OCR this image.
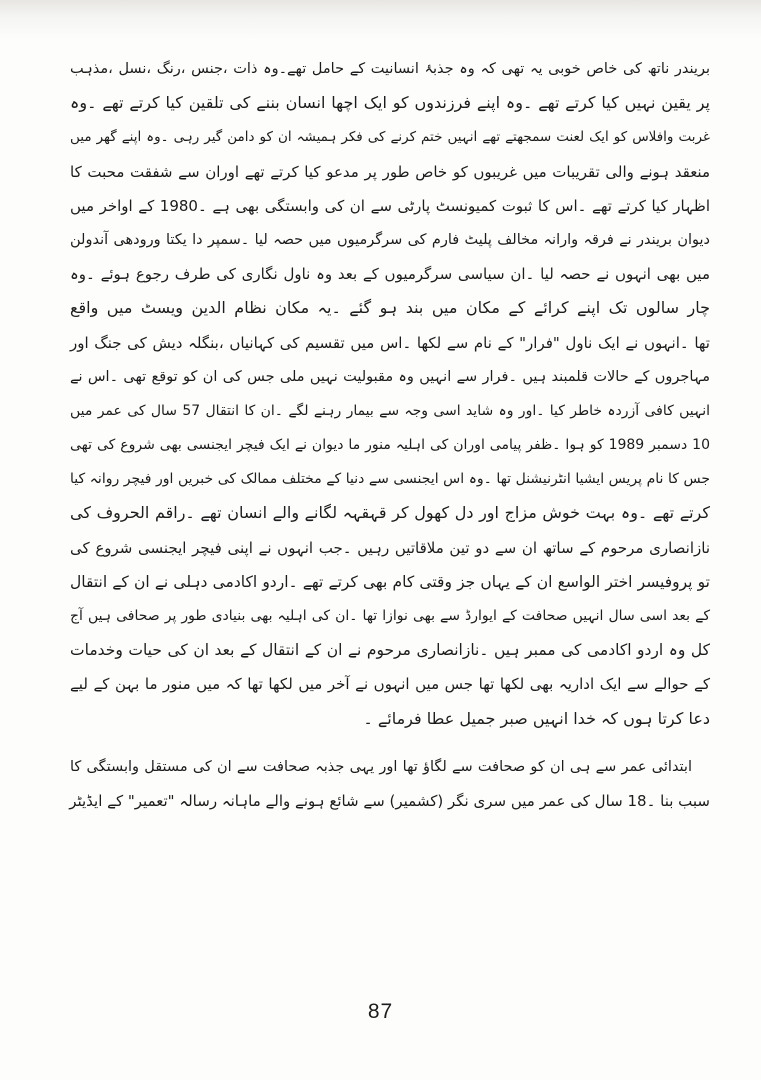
بریندر ناتھ کی خاص خوبی یہ تھی کہ وہ جذبۂ انسانیت کے حامل تھے۔وہ ذات ،جنس ،رنگ ،نسل ،مذہب
پر یقین نہیں کیا کرتے تھے ۔وہ اپنے فرزندوں کو ایک اچھا انسان بننے کی تلقین کیا کرتے تھے ۔وہ
غربت وافلاس کو ایک لعنت سمجھتے تھے انہیں ختم کرنے کی فکر ہمیشہ ان کو دامن گیر رہی ۔وہ اپنے گھر میں
منعقد ہونے والی تقریبات میں غریبوں کو خاص طور پر مدعو کیا کرتے تھے اوران سے شفقت محبت کا
اظہار کیا کرتے تھے ۔اس کا ثبوت کمیونسٹ پارٹی سے ان کی وابستگی بھی ہے ۔1980 کے اواخر میں
دیوان بریندر نے فرقہ وارانہ مخالف پلیٹ فارم کی سرگرمیوں میں حصہ لیا ۔سمپر دا یکتا ورودھی آندولن
میں بھی انہوں نے حصہ لیا ۔ان سیاسی سرگرمیوں کے بعد وہ ناول نگاری کی طرف رجوع ہوئے ۔وہ
چار سالوں تک اپنے کرائے کے مکان میں بند ہو گئے ۔یہ مکان نظام الدین ویسٹ میں واقع
تھا ۔انہوں نے ایک ناول "فرار" کے نام سے لکھا ۔اس میں تقسیم کی کہانیاں ،بنگلہ دیش کی جنگ اور
مہاجروں کے حالات قلمبند ہیں ۔فرار سے انہیں وہ مقبولیت نہیں ملی جس کی ان کو توقع تھی ۔اس نے
انہیں کافی آزردہ خاطر کیا ۔اور وہ شاید اسی وجہ سے بیمار رہنے لگے ۔ان کا انتقال 57 سال کی عمر میں
10 دسمبر 1989 کو ہوا ۔ظفر پیامی اوران کی اہلیہ منور ما دیوان نے ایک فیچر ایجنسی بھی شروع کی تھی
جس کا نام پریس ایشیا انٹرنیشنل تھا ۔وہ اس ایجنسی سے دنیا کے مختلف ممالک کی خبریں اور فیچر روانہ کیا
کرتے تھے ۔وہ بہت خوش مزاج اور دل کھول کر قہقہہ لگانے والے انسان تھے ۔راقم الحروف کی
نازانصاری مرحوم کے ساتھ ان سے دو تین ملاقاتیں رہیں ۔جب انہوں نے اپنی فیچر ایجنسی شروع کی
تو پروفیسر اختر الواسع ان کے یہاں جز وقتی کام بھی کرتے تھے ۔اردو اکادمی دہلی نے ان کے انتقال
کے بعد اسی سال انہیں صحافت کے ایوارڈ سے بھی نوازا تھا ۔ان کی اہلیہ بھی بنیادی طور پر صحافی ہیں آج
کل وہ اردو اکادمی کی ممبر ہیں ۔نازانصاری مرحوم نے ان کے انتقال کے بعد ان کی حیات وخدمات
کے حوالے سے ایک اداریہ بھی لکھا تھا جس میں انہوں نے آخر میں لکھا تھا کہ میں منور ما بہن کے لیے
دعا کرتا ہوں کہ خدا انہیں صبر جمیل عطا فرمائے ۔
ابتدائی عمر سے ہی ان کو صحافت سے لگاؤ تھا اور یہی جذبہ صحافت سے ان کی مستقل وابستگی کا
سبب بنا ۔18 سال کی عمر میں سری نگر (کشمیر) سے شائع ہونے والے ماہانہ رسالہ "تعمیر" کے ایڈیٹر
87
